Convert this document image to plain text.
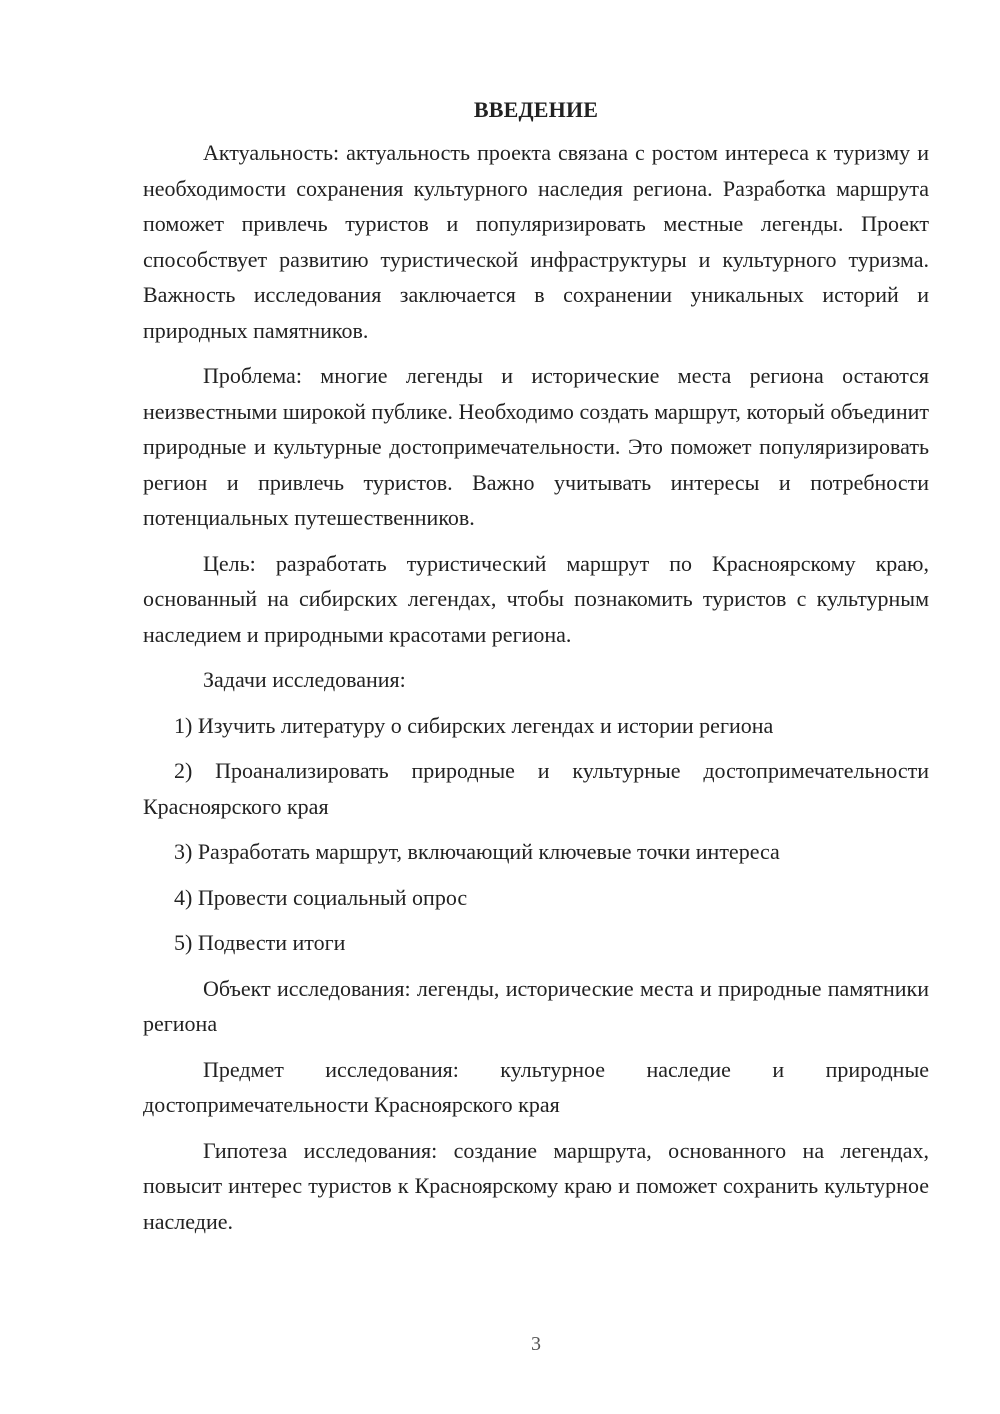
ВВЕДЕНИЕ

Актуальность: актуальность проекта связана с ростом интереса к туризму и необходимости сохранения культурного наследия региона. Разработка маршрута поможет привлечь туристов и популяризировать местные легенды. Проект способствует развитию туристической инфраструктуры и культурного туризма. Важность исследования заключается в сохранении уникальных историй и природных памятников.

Проблема: многие легенды и исторические места региона остаются неизвестными широкой публике. Необходимо создать маршрут, который объединит природные и культурные достопримечательности. Это поможет популяризировать регион и привлечь туристов. Важно учитывать интересы и потребности потенциальных путешественников.

Цель: разработать туристический маршрут по Красноярскому краю, основанный на сибирских легендах, чтобы познакомить туристов с культурным наследием и природными красотами региона.

Задачи исследования:

1) Изучить литературу о сибирских легендах и истории региона

2) Проанализировать природные и культурные достопримечательности Красноярского края

3) Разработать маршрут, включающий ключевые точки интереса

4) Провести социальный опрос

5) Подвести итоги

Объект исследования: легенды, исторические места и природные памятники региона

Предмет исследования: культурное наследие и природные достопримечательности Красноярского края

Гипотеза исследования: создание маршрута, основанного на легендах, повысит интерес туристов к Красноярскому краю и поможет сохранить культурное наследие.

3
